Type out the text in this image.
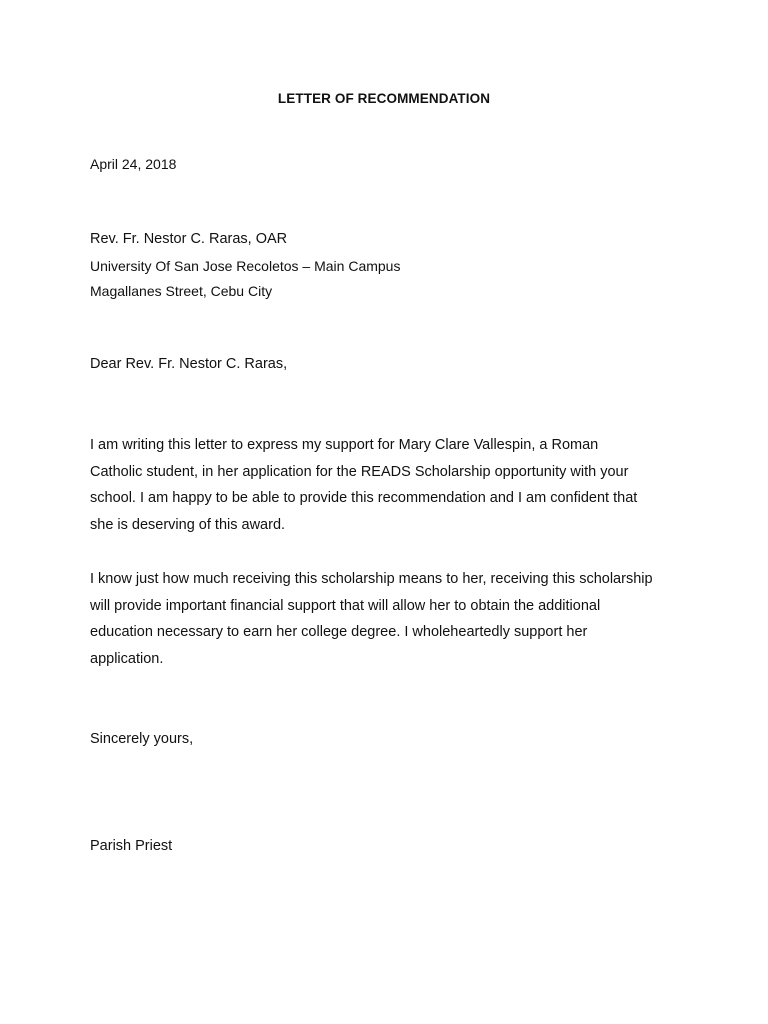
LETTER OF RECOMMENDATION
April 24, 2018
Rev. Fr. Nestor C. Raras, OAR
University Of San Jose Recoletos – Main Campus
Magallanes Street, Cebu City
Dear Rev. Fr. Nestor C. Raras,
I am writing this letter to express my support for Mary Clare Vallespin, a Roman
Catholic student, in her application for the READS Scholarship opportunity with your
school. I am happy to be able to provide this recommendation and I am confident that
she is deserving of this award.
I know just how much receiving this scholarship means to her, receiving this scholarship
will provide important financial support that will allow her to obtain the additional
education necessary to earn her college degree. I wholeheartedly support her
application.
Sincerely yours,
Parish Priest
